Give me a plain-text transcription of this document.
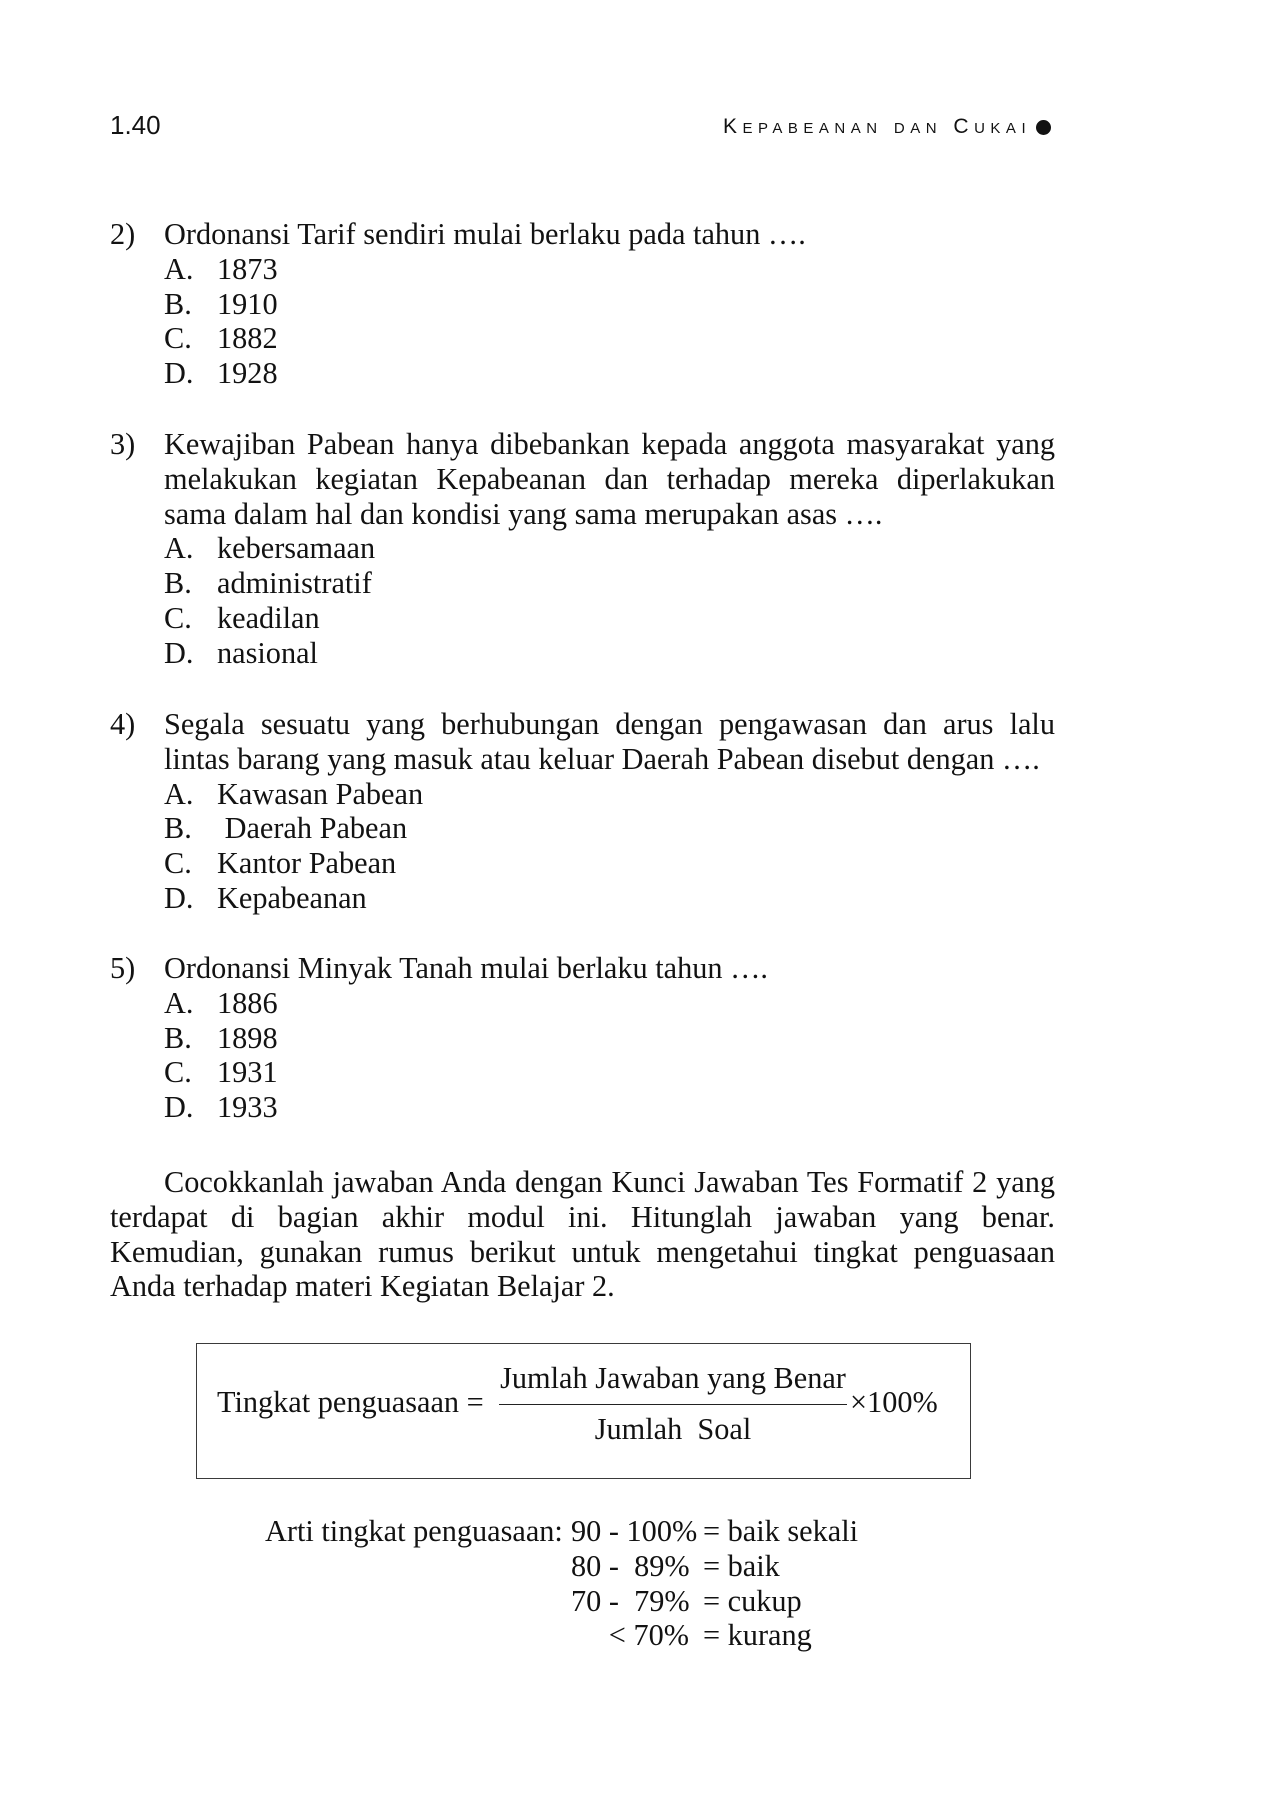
1.40	Kepabeanan dan Cukai
2) Ordonansi Tarif sendiri mulai berlaku pada tahun ….
A. 1873
B. 1910
C. 1882
D. 1928
3) Kewajiban Pabean hanya dibebankan kepada anggota masyarakat yang
melakukan kegiatan Kepabeanan dan terhadap mereka diperlakukan
sama dalam hal dan kondisi yang sama merupakan asas ….
A. kebersamaan
B. administratif
C. keadilan
D. nasional
4) Segala sesuatu yang berhubungan dengan pengawasan dan arus lalu
lintas barang yang masuk atau keluar Daerah Pabean disebut dengan ….
A. Kawasan Pabean
B. Daerah Pabean
C. Kantor Pabean
D. Kepabeanan
5) Ordonansi Minyak Tanah mulai berlaku tahun ….
A. 1886
B. 1898
C. 1931
D. 1933
Cocokkanlah jawaban Anda dengan Kunci Jawaban Tes Formatif 2 yang
terdapat di bagian akhir modul ini. Hitunglah jawaban yang benar.
Kemudian, gunakan rumus berikut untuk mengetahui tingkat penguasaan
Anda terhadap materi Kegiatan Belajar 2.
Tingkat penguasaan =
Jumlah Jawaban yang Benar
Jumlah  Soal
×100%
Arti tingkat penguasaan: 90 - 100% = baik sekali
80 -  89% = baik
70 -  79% = cukup
< 70% = kurang
